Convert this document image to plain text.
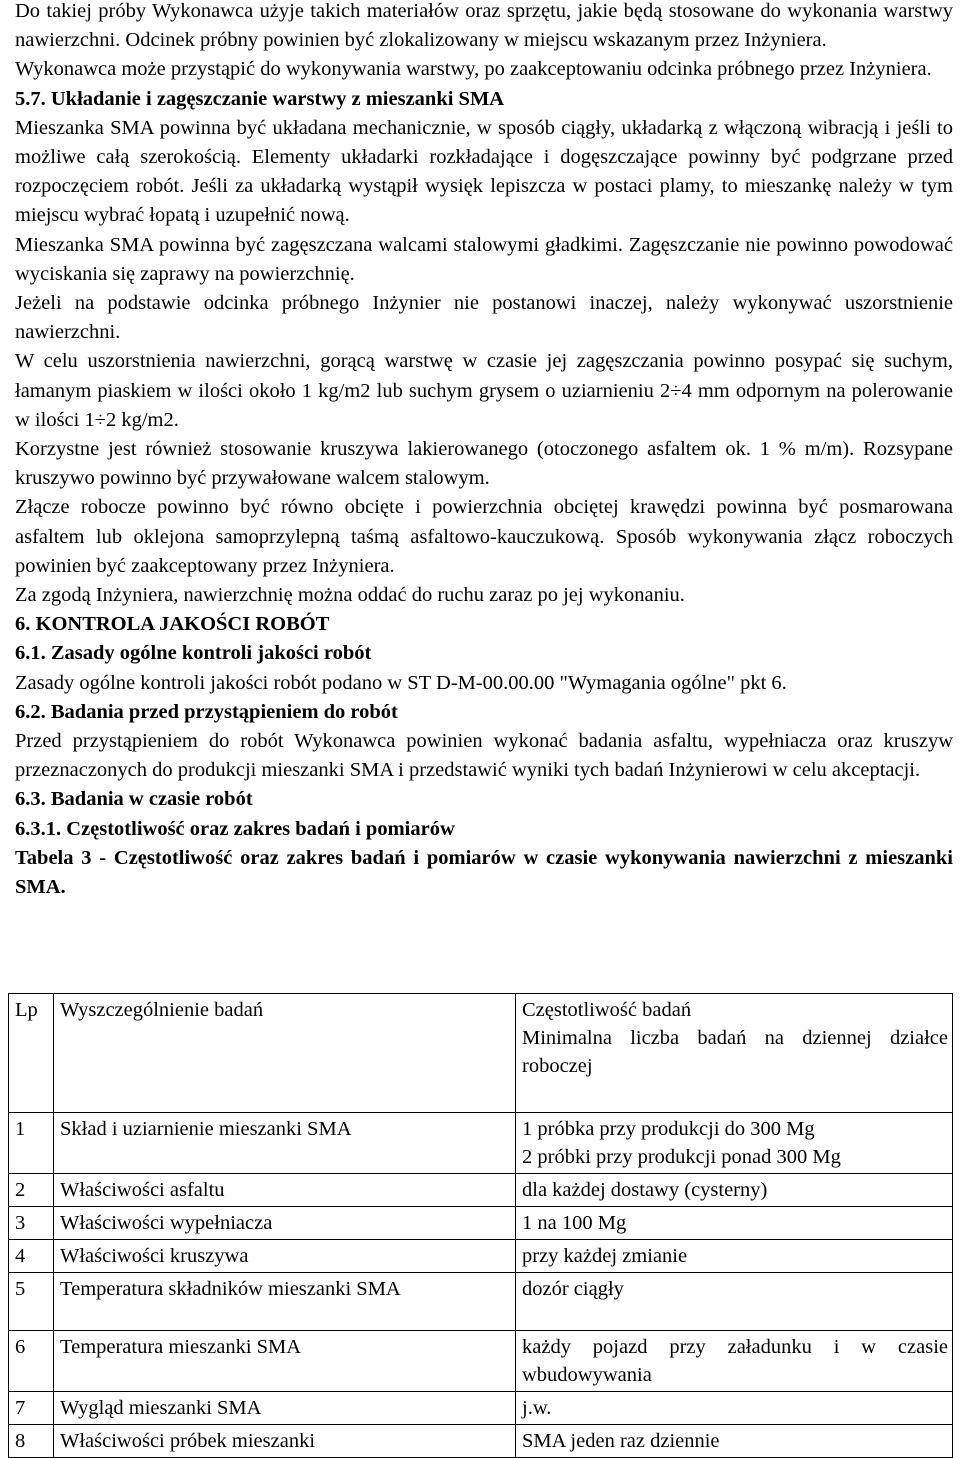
Do takiej próby Wykonawca użyje takich materiałów oraz sprzętu, jakie będą stosowane do wykonania warstwy nawierzchni. Odcinek próbny powinien być zlokalizowany w miejscu wskazanym przez Inżyniera.

Wykonawca może przystąpić do wykonywania warstwy, po zaakceptowaniu odcinka próbnego przez Inżyniera.

5.7. Układanie i zagęszczanie warstwy z mieszanki SMA

Mieszanka SMA powinna być układana mechanicznie, w sposób ciągły, układarką z włączoną wibracją i jeśli to możliwe całą szerokością. Elementy układarki rozkładające i dogęszczające powinny być podgrzane przed rozpoczęciem robót. Jeśli za układarką wystąpił wysięk lepiszcza w postaci plamy, to mieszankę należy w tym miejscu wybrać łopatą i uzupełnić nową.

Mieszanka SMA powinna być zagęszczana walcami stalowymi gładkimi. Zagęszczanie nie powinno powodować wyciskania się zaprawy na powierzchnię.

Jeżeli na podstawie odcinka próbnego Inżynier nie postanowi inaczej, należy wykonywać uszorstnienie nawierzchni.

W celu uszorstnienia nawierzchni, gorącą warstwę w czasie jej zagęszczania powinno posypać się suchym, łamanym piaskiem w ilości około 1 kg/m2 lub suchym grysem o uziarnieniu 2÷4 mm odpornym na polerowanie w ilości 1÷2 kg/m2.

Korzystne jest również stosowanie kruszywa lakierowanego (otoczonego asfaltem ok. 1 % m/m). Rozsypane kruszywo powinno być przywałowane walcem stalowym.

Złącze robocze powinno być równo obcięte i powierzchnia obciętej krawędzi powinna być posmarowana asfaltem lub oklejona samoprzylepną taśmą asfaltowo-kauczukową. Sposób wykonywania złącz roboczych powinien być zaakceptowany przez Inżyniera.

Za zgodą Inżyniera, nawierzchnię można oddać do ruchu zaraz po jej wykonaniu.

6. KONTROLA JAKOŚCI ROBÓT

6.1. Zasady ogólne kontroli jakości robót

Zasady ogólne kontroli jakości robót podano w ST D-M-00.00.00 "Wymagania ogólne" pkt 6.

6.2. Badania przed przystąpieniem do robót

Przed przystąpieniem do robót Wykonawca powinien wykonać badania asfaltu, wypełniacza oraz kruszyw przeznaczonych do produkcji mieszanki SMA i przedstawić wyniki tych badań Inżynierowi w celu akceptacji.

6.3. Badania w czasie robót

6.3.1. Częstotliwość oraz zakres badań i pomiarów

Tabela 3 - Częstotliwość oraz zakres badań i pomiarów w czasie wykonywania nawierzchni z mieszanki SMA.

Lp	Wyszczególnienie badań	Częstotliwość badań
Minimalna liczba badań na dziennej działce roboczej

1	Skład i uziarnienie mieszanki SMA	1 próbka przy produkcji do 300 Mg
2 próbki przy produkcji ponad 300 Mg

2	Właściwości asfaltu	dla każdej dostawy (cysterny)
3	Właściwości wypełniacza	1 na 100 Mg
4	Właściwości kruszywa	przy każdej zmianie
5	Temperatura składników mieszanki SMA	dozór ciągły
6	Temperatura mieszanki SMA	każdy pojazd przy załadunku i w czasie wbudowywania
7	Wygląd mieszanki SMA	j.w.
8	Właściwości próbek mieszanki	SMA jeden raz dziennie
